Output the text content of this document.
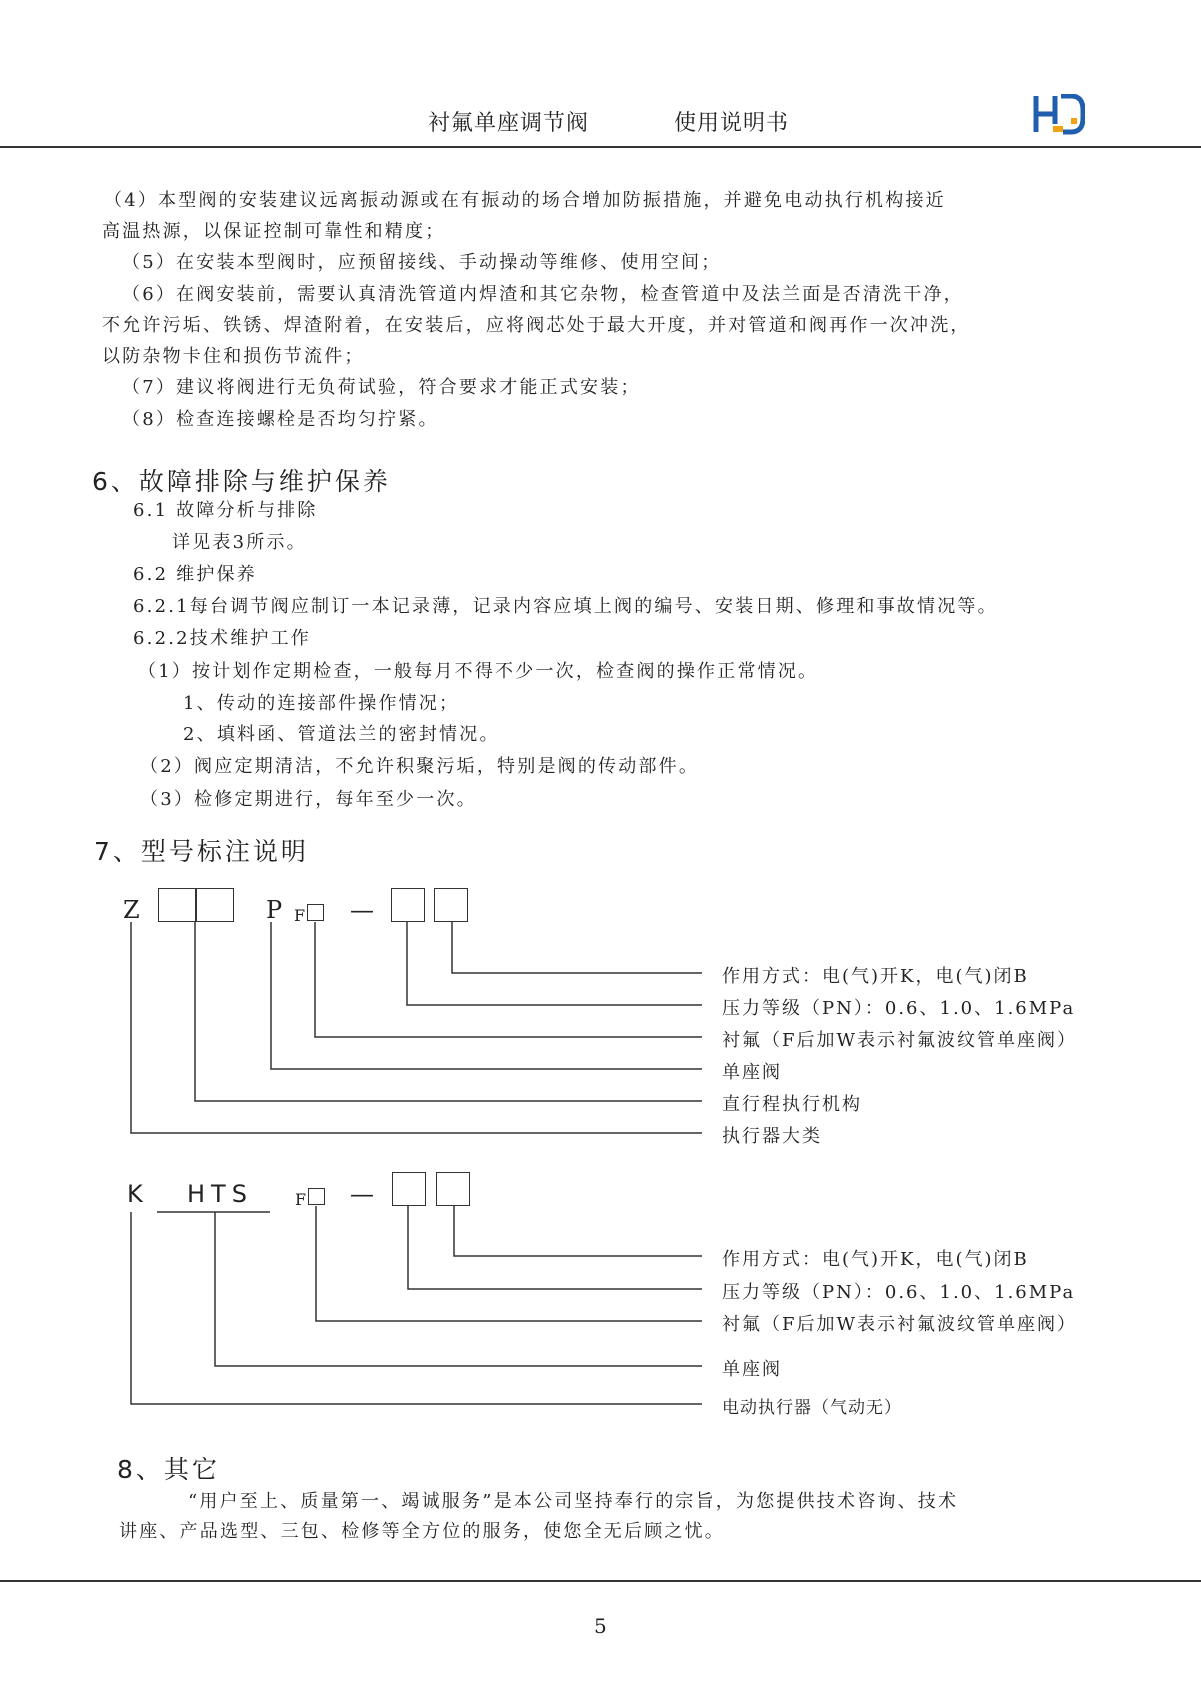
衬氟单座调节阀	使用说明书
（4）本型阀的安装建议远离振动源或在有振动的场合增加防振措施，并避免电动执行机构接近
高温热源，以保证控制可靠性和精度；
（5）在安装本型阀时，应预留接线、手动操动等维修、使用空间；
（6）在阀安装前，需要认真清洗管道内焊渣和其它杂物，检查管道中及法兰面是否清洗干净，
不允许污垢、铁锈、焊渣附着，在安装后，应将阀芯处于最大开度，并对管道和阀再作一次冲洗，
以防杂物卡住和损伤节流件；
（7）建议将阀进行无负荷试验，符合要求才能正式安装；
（8）检查连接螺栓是否均匀拧紧。
6、故障排除与维护保养
6.1 故障分析与排除
详见表3所示。
6.2 维护保养
6.2.1每台调节阀应制订一本记录薄，记录内容应填上阀的编号、安装日期、修理和事故情况等。
6.2.2技术维护工作
（1）按计划作定期检查，一般每月不得不少一次，检查阀的操作正常情况。
1、传动的连接部件操作情况；
2、填料函、管道法兰的密封情况。
（2）阀应定期清洁，不允许积聚污垢，特别是阀的传动部件。
（3）检修定期进行，每年至少一次。
7、型号标注说明
Z	P F —
作用方式：电(气)开K，电(气)闭B
压力等级（PN）：0.6、1.0、1.6MPa
衬氟（F后加W表示衬氟波纹管单座阀）
单座阀
直行程执行机构
执行器大类
K HTS	F —
作用方式：电(气)开K，电(气)闭B
压力等级（PN）：0.6、1.0、1.6MPa
衬氟（F后加W表示衬氟波纹管单座阀）
单座阀
电动执行器（气动无）
8、其它
“用户至上、质量第一、竭诚服务”是本公司坚持奉行的宗旨，为您提供技术咨询、技术
讲座、产品选型、三包、检修等全方位的服务，使您全无后顾之忧。
5
